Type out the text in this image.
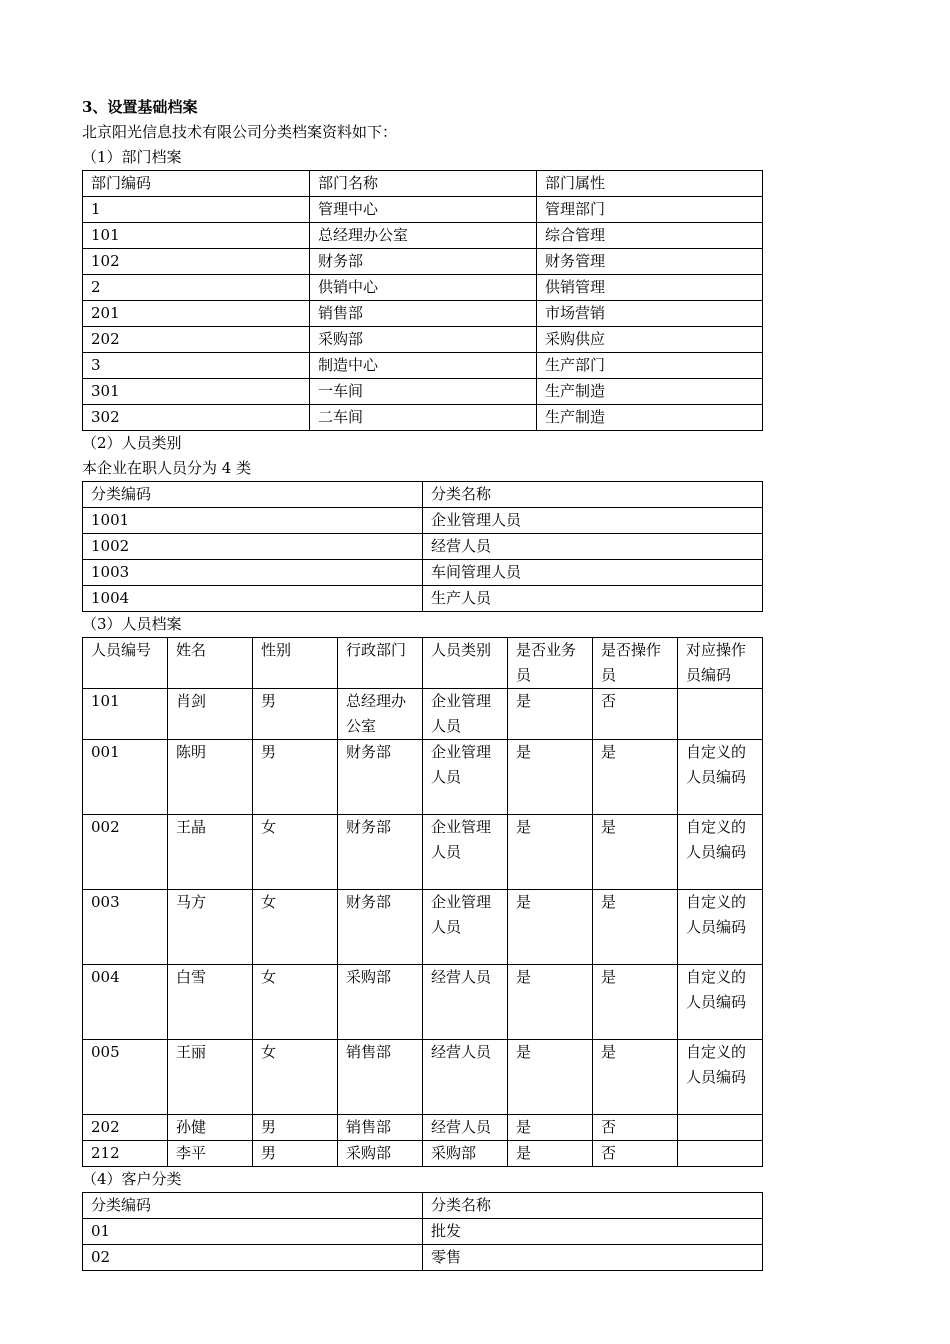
3、设置基础档案
北京阳光信息技术有限公司分类档案资料如下：
（1）部门档案
部门编码	部门名称	部门属性
1	管理中心	管理部门
101	总经理办公室	综合管理
102	财务部	财务管理
2	供销中心	供销管理
201	销售部	市场营销
202	采购部	采购供应
3	制造中心	生产部门
301	一车间	生产制造
302	二车间	生产制造
（2）人员类别
本企业在职人员分为 4 类
分类编码	分类名称
1001	企业管理人员
1002	经营人员
1003	车间管理人员
1004	生产人员
（3）人员档案
人员编号	姓名	性别	行政部门	人员类别	是否业务员	是否操作员	对应操作员编码
101	肖剑	男	总经理办公室	企业管理人员	是	否	
001	陈明	男	财务部	企业管理人员	是	是	自定义的人员编码
002	王晶	女	财务部	企业管理人员	是	是	自定义的人员编码
003	马方	女	财务部	企业管理人员	是	是	自定义的人员编码
004	白雪	女	采购部	经营人员	是	是	自定义的人员编码
005	王丽	女	销售部	经营人员	是	是	自定义的人员编码
202	孙健	男	销售部	经营人员	是	否	
212	李平	男	采购部	采购部	是	否	
（4）客户分类
分类编码	分类名称
01	批发
02	零售
